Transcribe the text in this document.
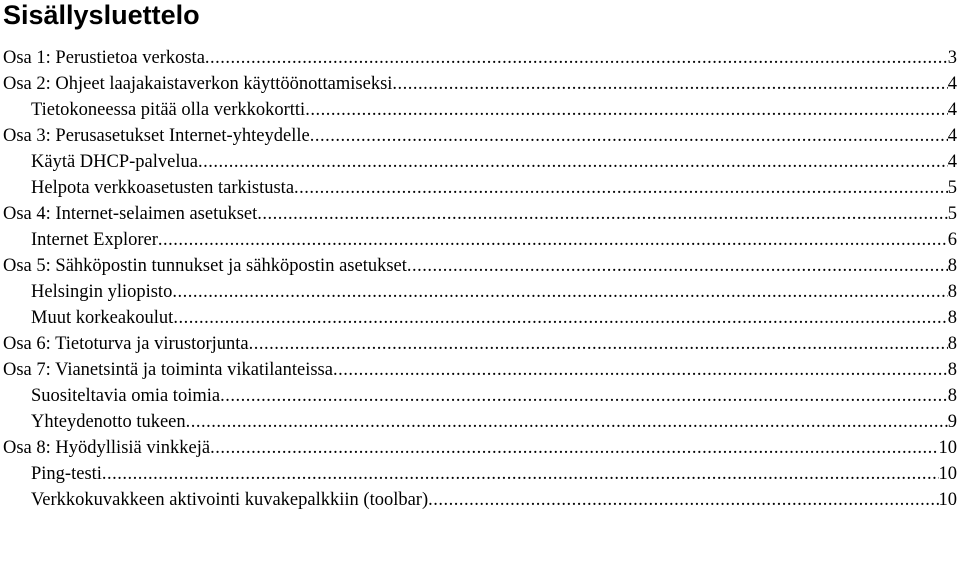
Sisällysluettelo
Osa 1: Perustietoa verkosta .....	3
Osa 2: Ohjeet laajakaistaverkon käyttöönottamiseksi .....	4
Tietokoneessa pitää olla verkkokortti .....	4
Osa 3: Perusasetukset Internet-yhteydelle .....	4
Käytä DHCP-palvelua .....	4
Helpota verkkoasetusten tarkistusta .....	5
Osa 4: Internet-selaimen asetukset .....	5
Internet Explorer .....	6
Osa 5: Sähköpostin tunnukset ja sähköpostin asetukset .....	8
Helsingin yliopisto .....	8
Muut korkeakoulut .....	8
Osa 6: Tietoturva ja virustorjunta .....	8
Osa 7: Vianetsintä ja toiminta vikatilanteissa .....	8
Suositeltavia omia toimia .....	8
Yhteydenotto tukeen .....	9
Osa 8: Hyödyllisiä vinkkejä .....	10
Ping-testi .....	10
Verkkokuvakkeen aktivointi kuvakepalkkiin (toolbar) .....	10
